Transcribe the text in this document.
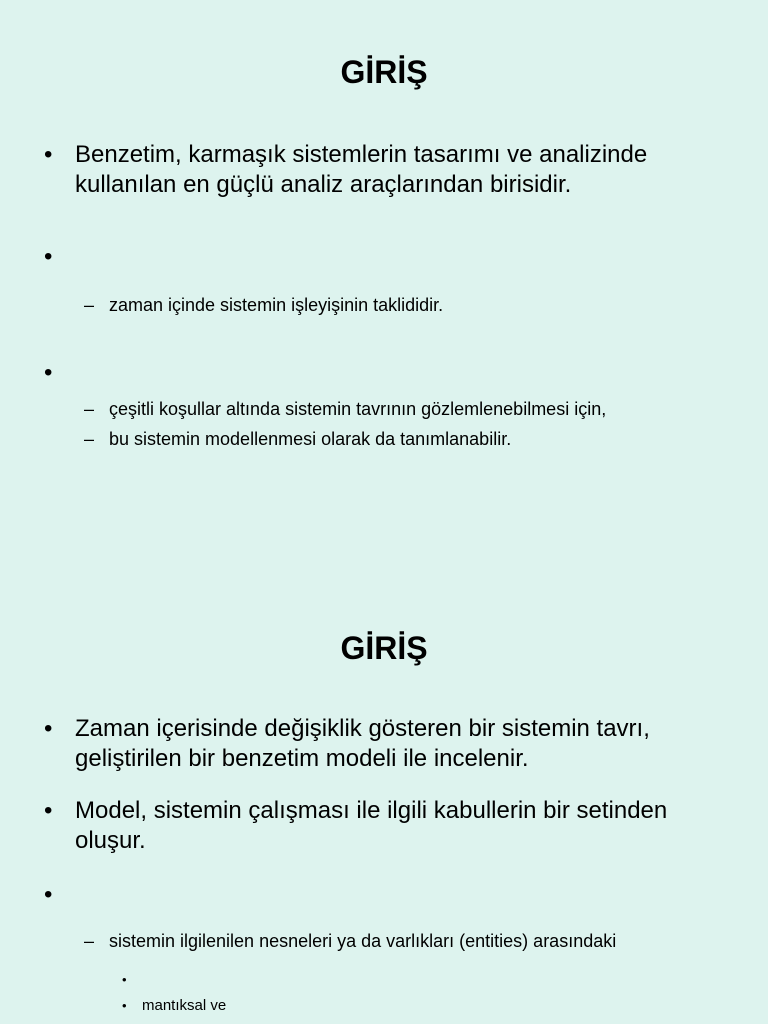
GİRİŞ
• Benzetim, karmaşık sistemlerin tasarımı ve analizinde kullanılan en güçlü analiz araçlarından birisidir.
•
– zaman içinde sistemin işleyişinin taklididir.
•
– çeşitli koşullar altında sistemin tavrının gözlemlenebilmesi için,
– bu sistemin modellenmesi olarak da tanımlanabilir.
GİRİŞ
• Zaman içerisinde değişiklik gösteren bir sistemin tavrı, geliştirilen bir benzetim modeli ile incelenir.
• Model, sistemin çalışması ile ilgili kabullerin bir setinden oluşur.
•
– sistemin ilgilenilen nesneleri ya da varlıkları (entities) arasındaki
•
• mantıksal ve
